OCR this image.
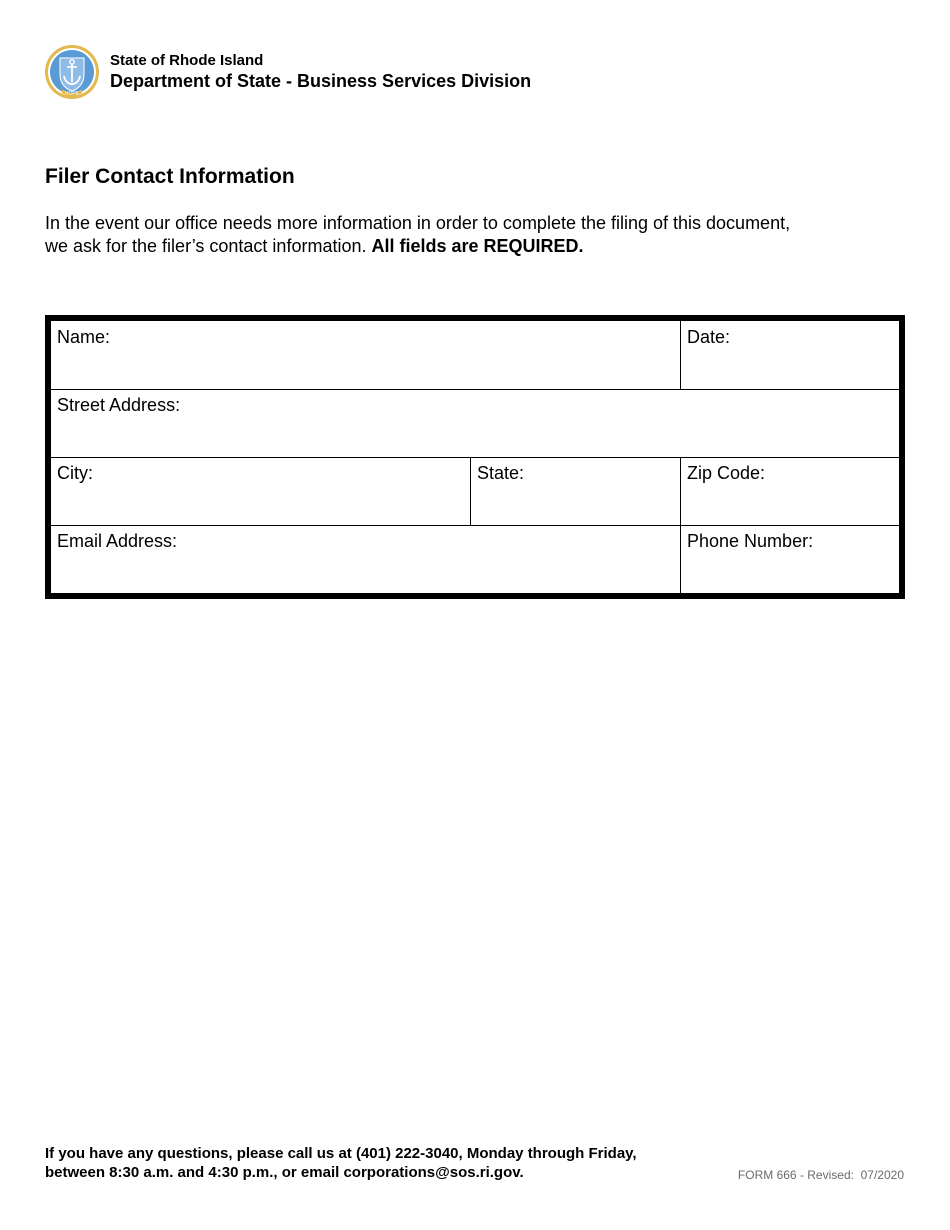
HOPE
State of Rhode Island
Department of State - Business Services Division
Filer Contact Information

In the event our office needs more information in order to complete the filing of this document, we ask for the filer’s contact information. All fields are REQUIRED.

Name:	Date:
Street Address:
City:	State:	Zip Code:
Email Address:	Phone Number:
If you have any questions, please call us at (401) 222-3040, Monday through Friday,
between 8:30 a.m. and 4:30 p.m., or email corporations@sos.ri.gov.	FORM 666 - Revised:  07/2020
